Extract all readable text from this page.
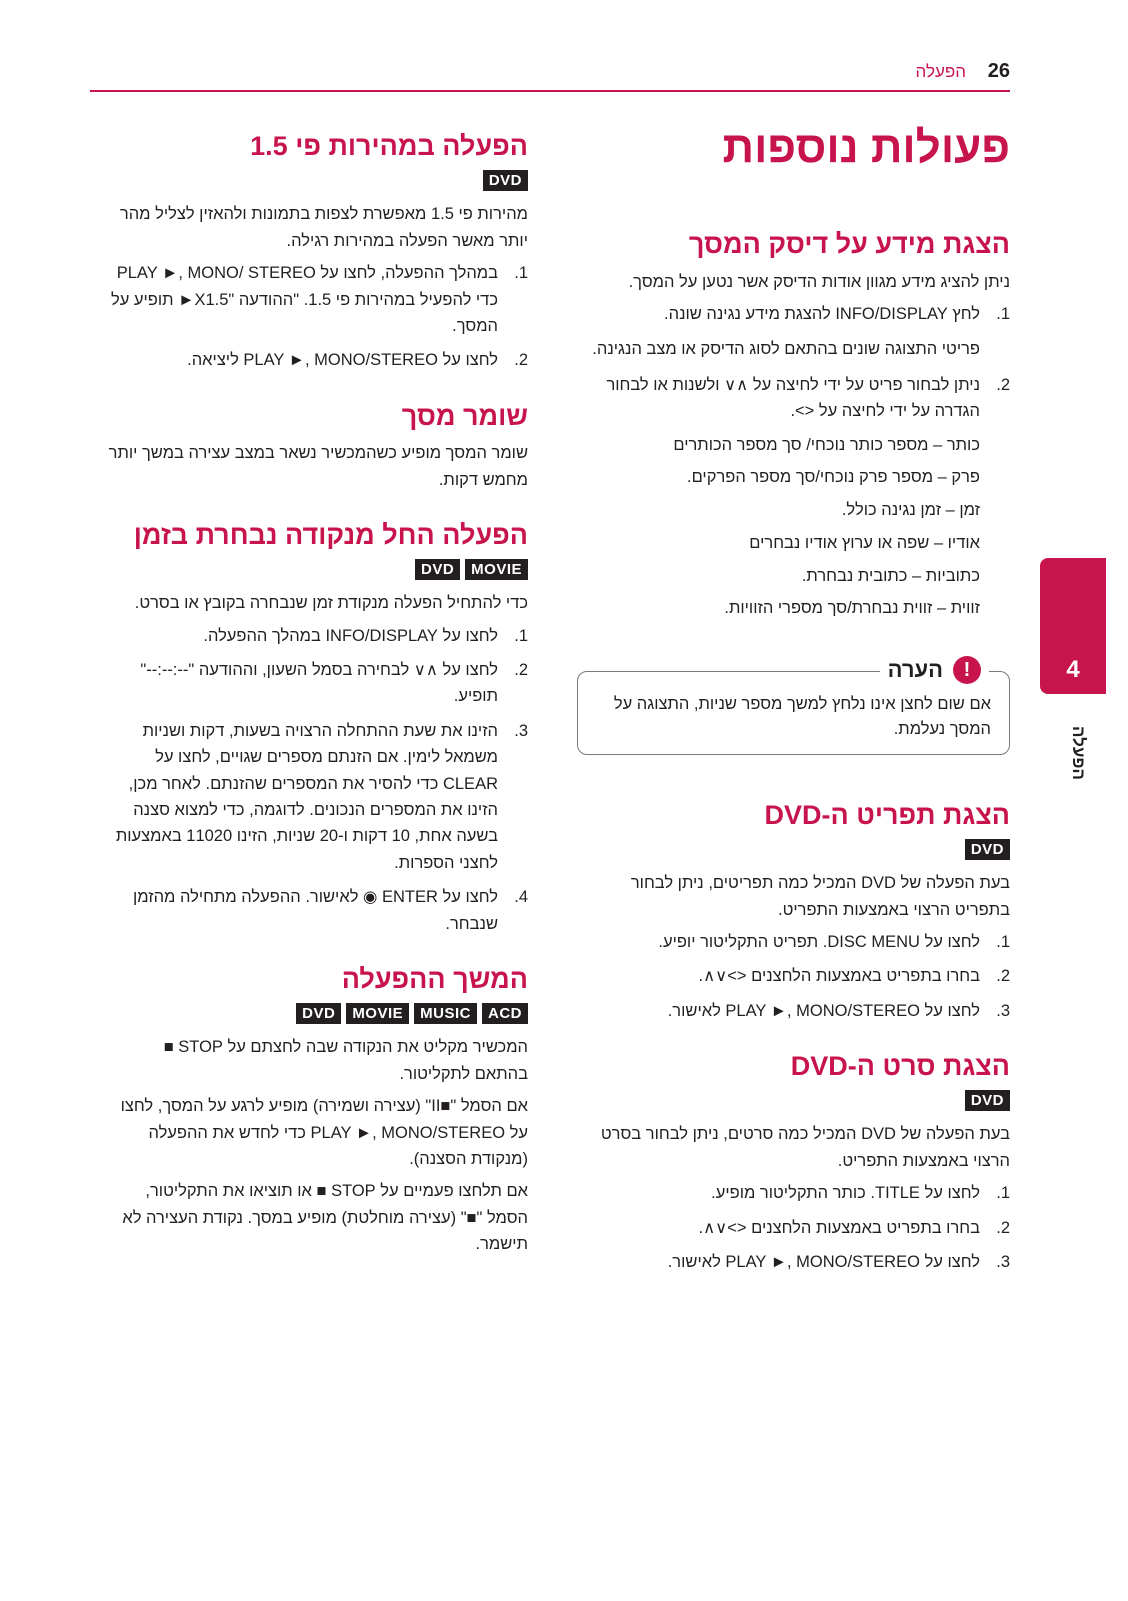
26
הפעלה
4
הפעלה
פעולות נוספות
הצגת מידע על דיסק המסך

ניתן להציג מידע מגוון אודות הדיסק אשר נטען על המסך.

1.
לחץ INFO/DISPLAY להצגת מידע נגינה שונה.
פריטי התצוגה שונים בהתאם לסוג הדיסק או מצב הנגינה.
2.
ניתן לבחור פריט על ידי לחיצה על ∧∨ ולשנות או לבחור הגדרה על ידי לחיצה על <>.
כותר – מספר כותר נוכחי/ סך מספר הכותרים
פרק – מספר פרק נוכחי/סך מספר הפרקים.
זמן – זמן נגינה כולל.
אודיו – שפה או ערוץ אודיו נבחרים
כתוביות – כתובית נבחרת.
זווית – זווית נבחרת/סך מספרי הזוויות.
!
הערה

אם שום לחצן אינו נלחץ למשך מספר שניות, התצוגה על המסך נעלמת.

הצגת תפריט ה-DVD
DVD

בעת הפעלה של DVD המכיל כמה תפריטים, ניתן לבחור בתפריט הרצוי באמצעות התפריט.

1.
לחצו על DISC MENU. תפריט התקליטור יופיע.
2.
בחרו בתפריט באמצעות הלחצנים <>∨∧.
3.
לחצו על PLAY ►, MONO/STEREO לאישור.
הצגת סרט ה-DVD
DVD

בעת הפעלה של DVD המכיל כמה סרטים, ניתן לבחור בסרט הרצוי באמצעות התפריט.

1.
לחצו על TITLE. כותר התקליטור מופיע.
2.
בחרו בתפריט באמצעות הלחצנים <>∨∧.
3.
לחצו על PLAY ►, MONO/STEREO לאישור.
הפעלה במהירות פי 1.5
DVD

מהירות פי 1.5 מאפשרת לצפות בתמונות ולהאזין לצליל מהר יותר מאשר הפעלה במהירות רגילה.

1.
במהלך ההפעלה, לחצו על PLAY ►, MONO/ STEREO כדי להפעיל במהירות פי 1.5. "ההודעה "X1.5► תופיע על המסך.
2.
לחצו על PLAY ►, MONO/STEREO ליציאה.
שומר מסך

שומר המסך מופיע כשהמכשיר נשאר במצב עצירה במשך יותר מחמש דקות.

הפעלה החל מנקודה נבחרת בזמן
MOVIE
DVD

כדי להתחיל הפעלה מנקודת זמן שנבחרה בקובץ או בסרט.

1.
לחצו על INFO/DISPLAY במהלך ההפעלה.
2.
לחצו על ∧∨ לבחירה בסמל השעון, וההודעה "--:--:--" תופיע.
3.
הזינו את שעת ההתחלה הרצויה בשעות, דקות ושניות משמאל לימין. אם הזנתם מספרים שגויים, לחצו על CLEAR כדי להסיר את המספרים שהזנתם. לאחר מכן, הזינו את המספרים הנכונים. לדוגמה, כדי למצוא סצנה בשעה אחת, 10 דקות ו-20 שניות, הזינו 11020 באמצעות לחצני הספרות.
4.
לחצו על ENTER ◉ לאישור. ההפעלה מתחילה מהזמן שנבחר.
המשך ההפעלה
ACD
MUSIC
MOVIE
DVD

המכשיר מקליט את הנקודה שבה לחצתם על STOP ■ בהתאם לתקליטור.

אם הסמל "■II" (עצירה ושמירה) מופיע לרגע על המסך, לחצו על PLAY ►, MONO/STEREO כדי לחדש את ההפעלה (מנקודת הסצנה).

אם תלחצו פעמיים על STOP ■ או תוציאו את התקליטור, הסמל "■" (עצירה מוחלטת) מופיע במסך. נקודת העצירה לא תישמר.
